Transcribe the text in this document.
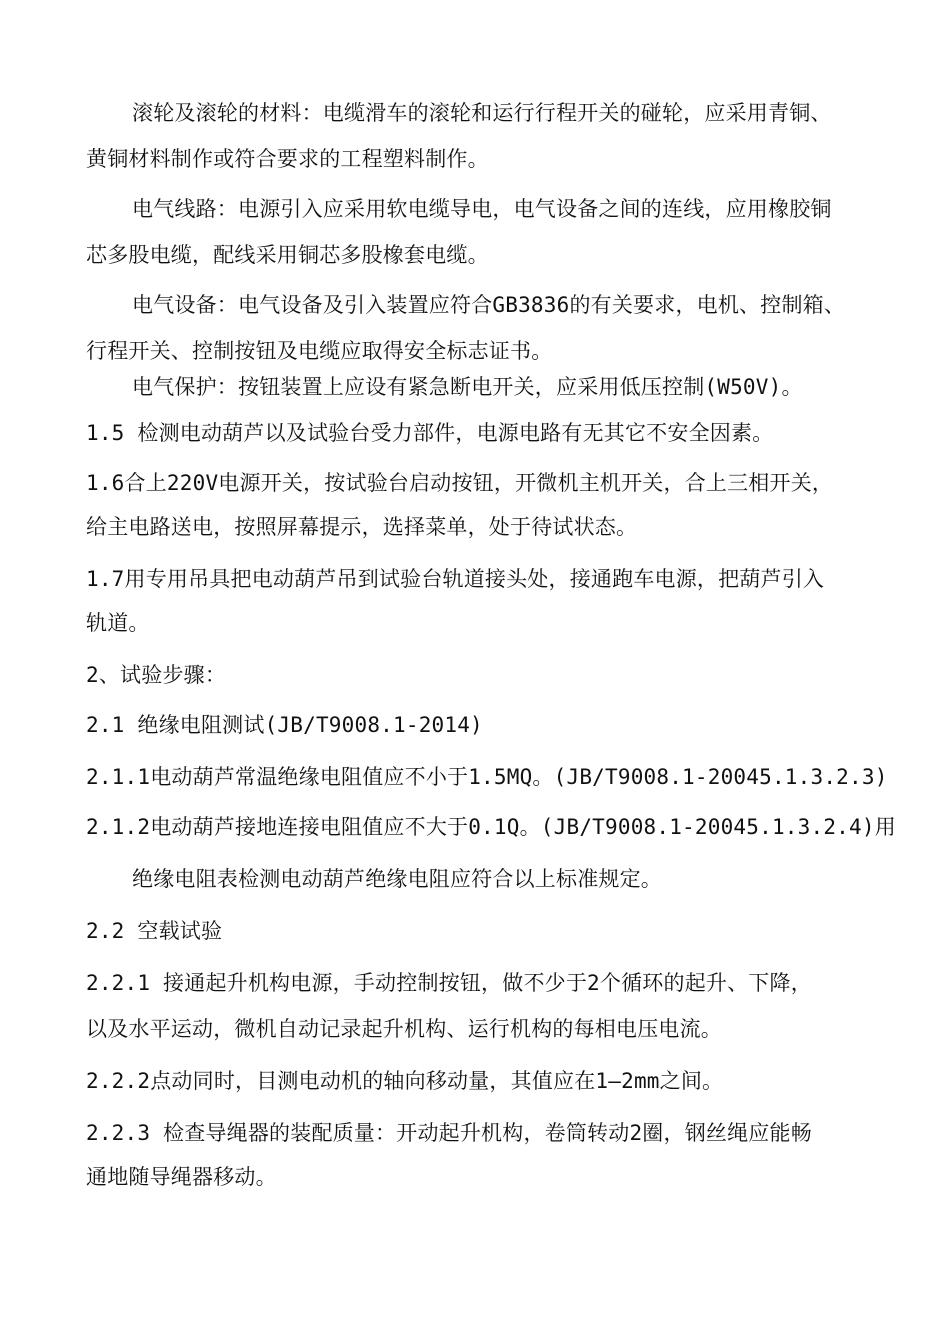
滚轮及滚轮的材料：电缆滑车的滚轮和运行行程开关的碰轮，应采用青铜、
黄铜材料制作或符合要求的工程塑料制作。
电气线路：电源引入应采用软电缆导电，电气设备之间的连线，应用橡胶铜
芯多股电缆，配线采用铜芯多股橡套电缆。
电气设备：电气设备及引入装置应符合GB3836的有关要求，电机、控制箱、
行程开关、控制按钮及电缆应取得安全标志证书。
电气保护：按钮装置上应设有紧急断电开关，应采用低压控制(W50V)。
1.5 检测电动葫芦以及试验台受力部件，电源电路有无其它不安全因素。
1.6合上220V电源开关，按试验台启动按钮，开微机主机开关，合上三相开关，
给主电路送电，按照屏幕提示，选择菜单，处于待试状态。
1.7用专用吊具把电动葫芦吊到试验台轨道接头处，接通跑车电源，把葫芦引入
轨道。
2、试验步骤：
2.1 绝缘电阻测试(JB/T9008.1-2014)
2.1.1电动葫芦常温绝缘电阻值应不小于1.5MQ。(JB/T9008.1-20045.1.3.2.3)
2.1.2电动葫芦接地连接电阻值应不大于0.1Q。(JB/T9008.1-20045.1.3.2.4)用
绝缘电阻表检测电动葫芦绝缘电阻应符合以上标准规定。
2.2 空载试验
2.2.1 接通起升机构电源，手动控制按钮，做不少于2个循环的起升、下降，
以及水平运动，微机自动记录起升机构、运行机构的每相电压电流。
2.2.2点动同时，目测电动机的轴向移动量，其值应在1—2mm之间。
2.2.3 检查导绳器的装配质量：开动起升机构，卷筒转动2圈，钢丝绳应能畅
通地随导绳器移动。
